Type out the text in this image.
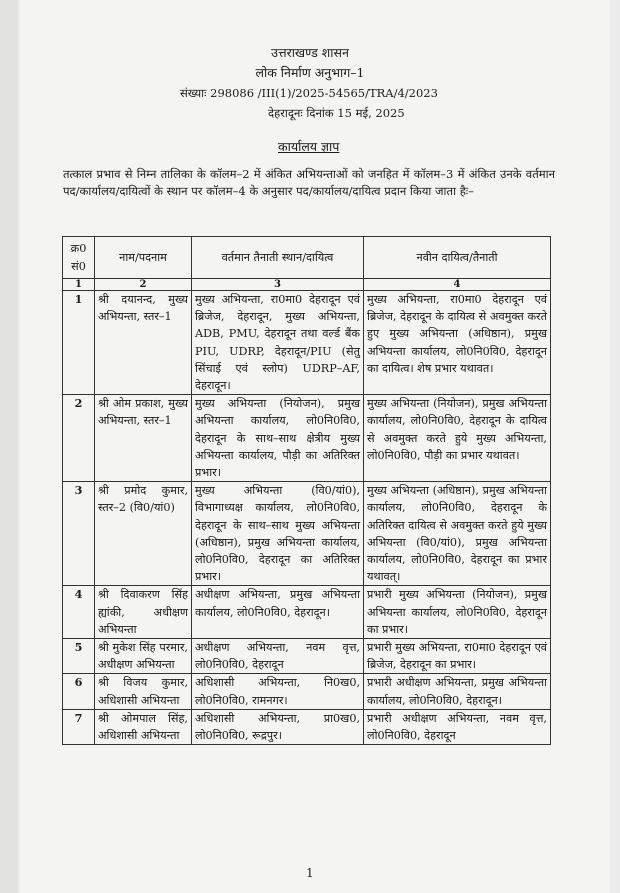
उत्तराखण्ड शासन
लोक निर्माण अनुभाग–1
संख्याः 298086 /III(1)/2025-54565/TRA/4/2023
देहरादूनः दिनांक 15 मई, 2025
कार्यालय ज्ञाप
तत्काल प्रभाव से निम्न तालिका के कॉलम–2 में अंकित अभियन्ताओं को जनहित में कॉलम–3 में अंकित उनके वर्तमान पद/कार्यालय/दायित्वों के स्थान पर कॉलम–4 के अनुसार पद/कार्यालय/दायित्व प्रदान किया जाता हैः–
क्र0 सं0	नाम/पदनाम	वर्तमान तैनाती स्थान/दायित्व	नवीन दायित्व/तैनाती
1	2	3	4
1	श्री दयानन्द, मुख्य अभियन्ता, स्तर–1	मुख्य अभियन्ता, रा0मा0 देहरादून एवं ब्रिजेज, देहरादून, मुख्य अभियन्ता, ADB, PMU, देहरादून तथा वर्ल्ड बैंक PIU, UDRP, देहरादून/PIU (सेतु सिंचाई एवं स्लोप) UDRP–AF, देहरादून।	मुख्य अभियन्ता, रा0मा0 देहरादून एवं ब्रिजेज, देहरादून के दायित्व से अवमुक्त करते हुए मुख्य अभियन्ता (अधिष्ठान), प्रमुख अभियन्ता कार्यालय, लो0नि0वि0, देहरादून का दायित्व। शेष प्रभार यथावत।
2	श्री ओम प्रकाश, मुख्य अभियन्ता, स्तर–1	मुख्य अभियन्ता (नियोजन), प्रमुख अभियन्ता कार्यालय, लो0नि0वि0, देहरादून के साथ–साथ क्षेत्रीय मुख्य अभियन्ता कार्यालय, पौड़ी का अतिरिक्त प्रभार।	मुख्य अभियन्ता (नियोजन), प्रमुख अभियन्ता कार्यालय, लो0नि0वि0, देहरादून के दायित्व से अवमुक्त करते हुये मुख्य अभियन्ता, लो0नि0वि0, पौड़ी का प्रभार यथावत।
3	श्री प्रमोद कुमार, स्तर–2 (वि0/यां0)	मुख्य अभियन्ता (वि0/यां0), विभागाध्यक्ष कार्यालय, लो0नि0वि0, देहरादून के साथ–साथ मुख्य अभियन्ता (अधिष्ठान), प्रमुख अभियन्ता कार्यालय, लो0नि0वि0, देहरादून का अतिरिक्त प्रभार।	मुख्य अभियन्ता (अधिष्ठान), प्रमुख अभियन्ता कार्यालय, लो0नि0वि0, देहरादून के अतिरिक्त दायित्व से अवमुक्त करते हुये मुख्य अभियन्ता (वि0/यां0), प्रमुख अभियन्ता कार्यालय, लो0नि0वि0, देहरादून का प्रभार यथावत्।
4	श्री दिवाकरण सिंह ह्यांकी, अधीक्षण अभियन्ता	अधीक्षण अभियन्ता, प्रमुख अभियन्ता कार्यालय, लो0नि0वि0, देहरादून।	प्रभारी मुख्य अभियन्ता (नियोजन), प्रमुख अभियन्ता कार्यालय, लो0नि0वि0, देहरादून का प्रभार।
5	श्री मुकेश सिंह परमार, अधीक्षण अभियन्ता	अधीक्षण अभियन्ता, नवम वृत्त, लो0नि0वि0, देहरादून	प्रभारी मुख्य अभियन्ता, रा0मा0 देहरादून एवं ब्रिजेज, देहरादून का प्रभार।
6	श्री विजय कुमार, अधिशासी अभियन्ता	अधिशासी अभियन्ता, नि0ख0, लो0नि0वि0, रामनगर।	प्रभारी अधीक्षण अभियन्ता, प्रमुख अभियन्ता कार्यालय, लो0नि0वि0, देहरादून।
7	श्री ओमपाल सिंह, अधिशासी अभियन्ता	अधिशासी अभियन्ता, प्रा0ख0, लो0नि0वि0, रूद्रपुर।	प्रभारी अधीक्षण अभियन्ता, नवम वृत्त, लो0नि0वि0, देहरादून
1
